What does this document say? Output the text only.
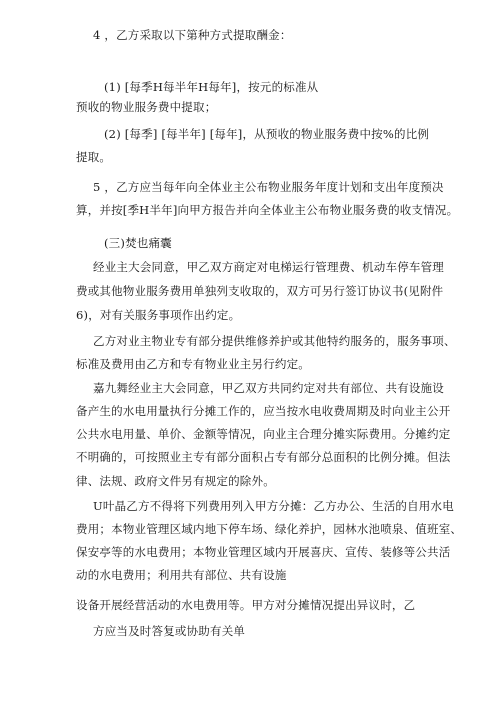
4 ，乙方采取以下第种方式提取酬金：
(1) [每季H每半年H每年]，按元的标准从
预收的物业服务费中提取；
(2) [每季] [每半年] [每年]，从预收的物业服务费中按%的比例
提取。
5 ，乙方应当每年向全体业主公布物业服务年度计划和支出年度预决
算，并按[季H半年]向甲方报告并向全体业主公布物业服务费的收支情况。
(三)焚也痛囊
经业主大会同意，甲乙双方商定对电梯运行管理费、机动车停车管理
费或其他物业服务费用单独列支收取的，双方可另行签订协议书(见附件
6)，对有关服务事项作出约定。
乙方对业主物业专有部分提供维修养护或其他特约服务的，服务事项、
标准及费用由乙方和专有物业业主另行约定。
嘉九舞经业主大会同意，甲乙双方共同约定对共有部位、共有设施设
备产生的水电用量执行分摊工作的，应当按水电收费周期及时向业主公开
公共水电用量、单价、金额等情况，向业主合理分摊实际费用。分摊约定
不明确的，可按照业主专有部分面积占专有部分总面积的比例分摊。但法
律、法规、政府文件另有规定的除外。
U叶晶乙方不得将下列费用列入甲方分摊：乙方办公、生活的自用水电
费用；本物业管理区域内地下停车场、绿化养护，园林水池喷泉、值班室、
保安亭等的水电费用；本物业管理区域内开展喜庆、宣传、装修等公共活
动的水电费用；利用共有部位、共有设施
设备开展经营活动的水电费用等。甲方对分摊情况提出异议时，乙
方应当及时答复或协助有关单
